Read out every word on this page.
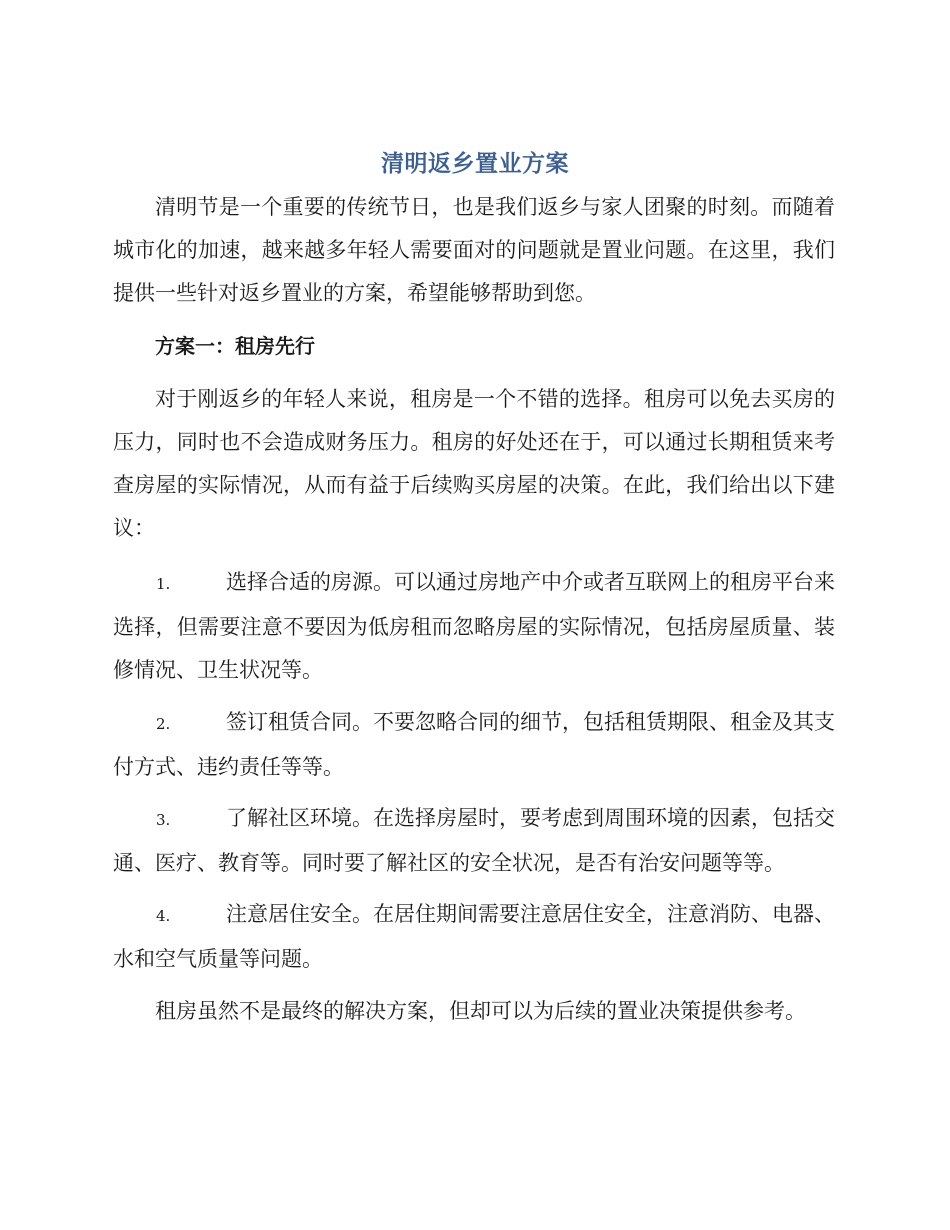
清明返乡置业方案

清明节是一个重要的传统节日，也是我们返乡与家人团聚的时刻。而随着城市化的加速，越来越多年轻人需要面对的问题就是置业问题。在这里，我们提供一些针对返乡置业的方案，希望能够帮助到您。

方案一：租房先行

对于刚返乡的年轻人来说，租房是一个不错的选择。租房可以免去买房的压力，同时也不会造成财务压力。租房的好处还在于，可以通过长期租赁来考查房屋的实际情况，从而有益于后续购买房屋的决策。在此，我们给出以下建议：

1.	选择合适的房源。可以通过房地产中介或者互联网上的租房平台来选择，但需要注意不要因为低房租而忽略房屋的实际情况，包括房屋质量、装修情况、卫生状况等。

2.	签订租赁合同。不要忽略合同的细节，包括租赁期限、租金及其支付方式、违约责任等等。

3.	了解社区环境。在选择房屋时，要考虑到周围环境的因素，包括交通、医疗、教育等。同时要了解社区的安全状况，是否有治安问题等等。

4.	注意居住安全。在居住期间需要注意居住安全，注意消防、电器、水和空气质量等问题。

租房虽然不是最终的解决方案，但却可以为后续的置业决策提供参考。
